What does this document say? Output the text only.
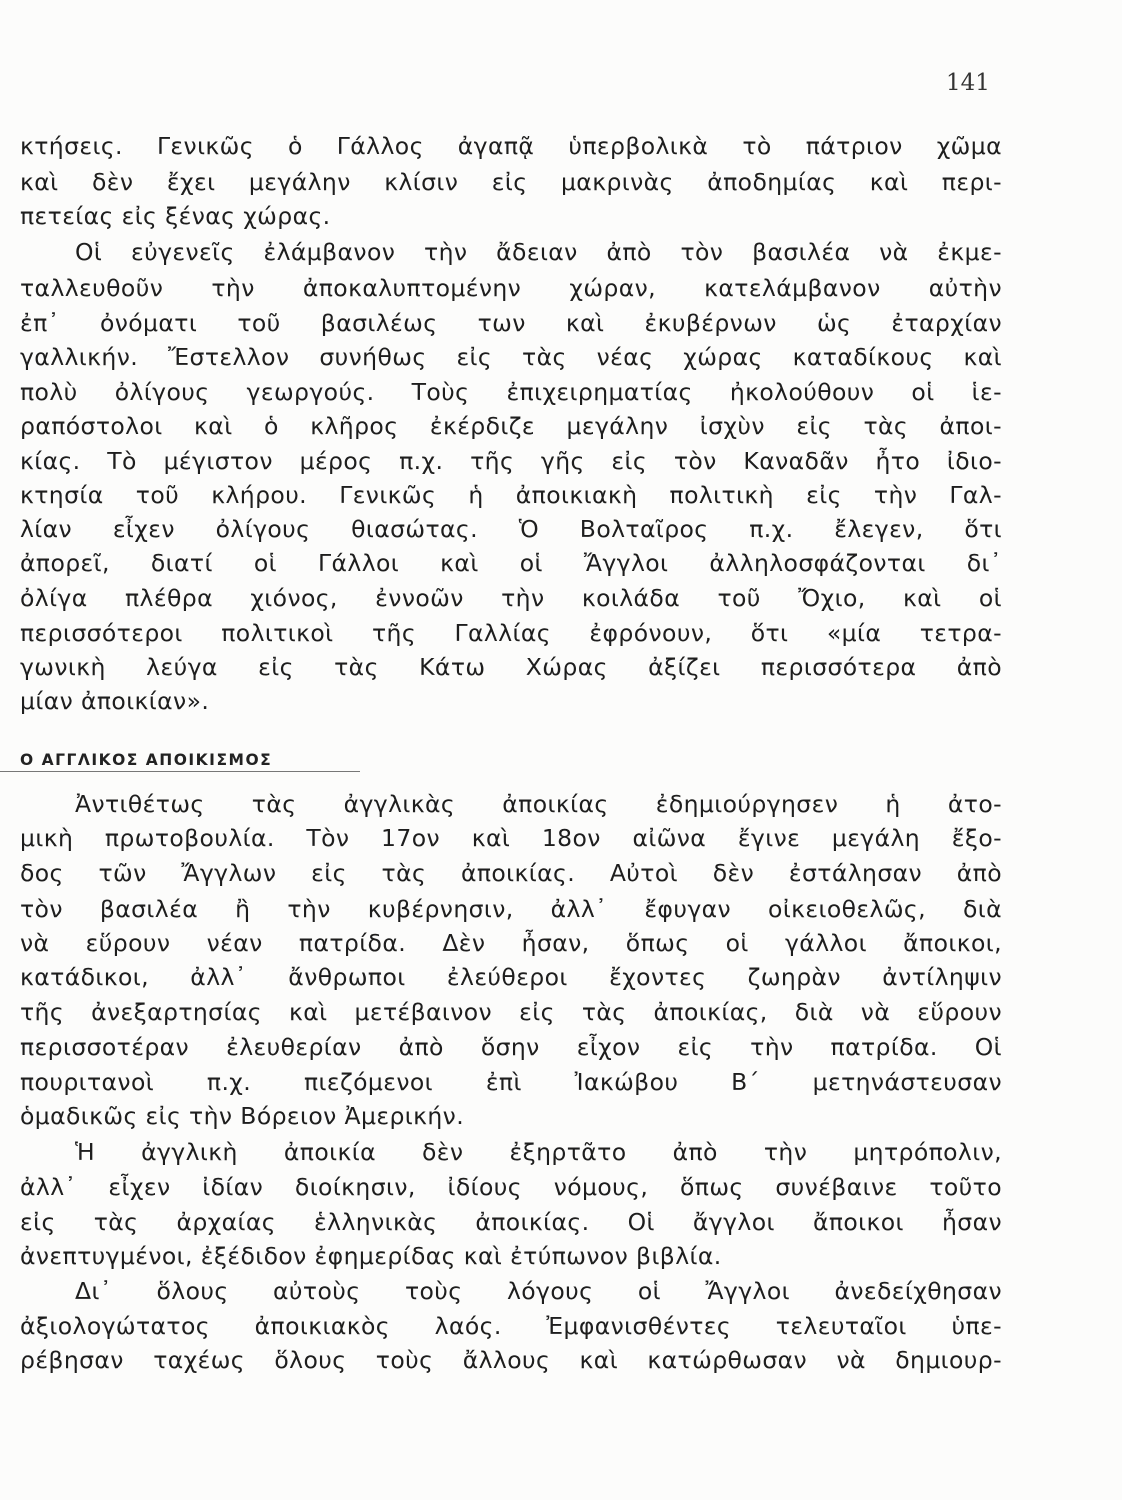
141
κτήσεις. Γενικῶς ὁ Γάλλος ἀγαπᾷ ὑπερβολικὰ τὸ πάτριον χῶμα
καὶ δὲν ἔχει μεγάλην κλίσιν εἰς μακρινὰς ἀποδημίας καὶ περι-
πετείας εἰς ξένας χώρας.
Οἱ εὐγενεῖς ἐλάμβανον τὴν ἄδειαν ἀπὸ τὸν βασιλέα νὰ ἐκμε-
ταλλευθοῦν τὴν ἀποκαλυπτομένην χώραν, κατελάμβανον αὐτὴν
ἐπ᾽ ὀνόματι τοῦ βασιλέως των καὶ ἐκυβέρνων ὡς ἐταρχίαν
γαλλικήν. Ἔστελλον συνήθως εἰς τὰς νέας χώρας καταδίκους καὶ
πολὺ ὀλίγους γεωργούς. Τοὺς ἐπιχειρηματίας ἠκολούθουν οἱ ἱε-
ραπόστολοι καὶ ὁ κλῆρος ἐκέρδιζε μεγάλην ἰσχὺν εἰς τὰς ἀποι-
κίας. Τὸ μέγιστον μέρος π.χ. τῆς γῆς εἰς τὸν Καναδᾶν ἦτο ἰδιο-
κτησία τοῦ κλήρου. Γενικῶς ἡ ἀποικιακὴ πολιτικὴ εἰς τὴν Γαλ-
λίαν εἶχεν ὀλίγους θιασώτας. Ὁ Βολταῖρος π.χ. ἔλεγεν, ὅτι
ἀπορεῖ, διατί οἱ Γάλλοι καὶ οἱ Ἄγγλοι ἀλληλοσφάζονται δι᾽
ὀλίγα πλέθρα χιόνος, ἐννοῶν τὴν κοιλάδα τοῦ Ὄχιο, καὶ οἱ
περισσότεροι πολιτικοὶ τῆς Γαλλίας ἐφρόνουν, ὅτι «μία τετρα-
γωνικὴ λεύγα εἰς τὰς Κάτω Χώρας ἀξίζει περισσότερα ἀπὸ
μίαν ἀποικίαν».
Ο ΑΓΓΛΙΚΟΣ ΑΠΟΙΚΙΣΜΟΣ
Ἀντιθέτως τὰς ἀγγλικὰς ἀποικίας ἐδημιούργησεν ἡ ἀτο-
μικὴ πρωτοβουλία. Τὸν 17ον καὶ 18ον αἰῶνα ἔγινε μεγάλη ἔξο-
δος τῶν Ἄγγλων εἰς τὰς ἀποικίας. Αὐτοὶ δὲν ἐστάλησαν ἀπὸ
τὸν βασιλέα ἢ τὴν κυβέρνησιν, ἀλλ᾽ ἔφυγαν οἰκειοθελῶς, διὰ
νὰ εὕρουν νέαν πατρίδα. Δὲν ἦσαν, ὅπως οἱ γάλλοι ἄποικοι,
κατάδικοι, ἀλλ᾽ ἄνθρωποι ἐλεύθεροι ἔχοντες ζωηρὰν ἀντίληψιν
τῆς ἀνεξαρτησίας καὶ μετέβαινον εἰς τὰς ἀποικίας, διὰ νὰ εὕρουν
περισσοτέραν ἐλευθερίαν ἀπὸ ὅσην εἶχον εἰς τὴν πατρίδα. Οἱ
πουριτανοὶ π.χ. πιεζόμενοι ἐπὶ Ἰακώβου Β΄ μετηνάστευσαν
ὁμαδικῶς εἰς τὴν Βόρειον Ἀμερικήν.
Ἡ ἀγγλικὴ ἀποικία δὲν ἐξηρτᾶτο ἀπὸ τὴν μητρόπολιν,
ἀλλ᾽ εἶχεν ἰδίαν διοίκησιν, ἰδίους νόμους, ὅπως συνέβαινε τοῦτο
εἰς τὰς ἀρχαίας ἑλληνικὰς ἀποικίας. Οἱ ἄγγλοι ἄποικοι ἦσαν
ἀνεπτυγμένοι, ἐξέδιδον ἐφημερίδας καὶ ἐτύπωνον βιβλία.
Δι᾽ ὅλους αὐτοὺς τοὺς λόγους οἱ Ἄγγλοι ἀνεδείχθησαν
ἀξιολογώτατος ἀποικιακὸς λαός. Ἐμφανισθέντες τελευταῖοι ὑπε-
ρέβησαν ταχέως ὅλους τοὺς ἄλλους καὶ κατώρθωσαν νὰ δημιουρ-
